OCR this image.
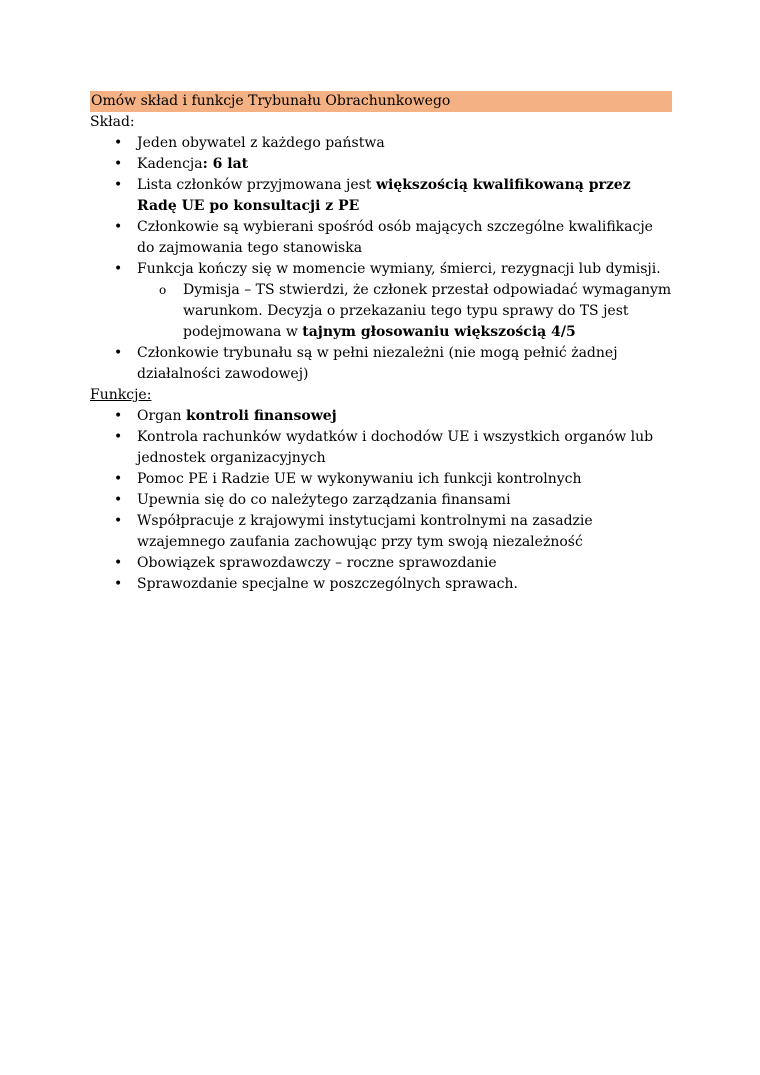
Omów skład i funkcje Trybunału Obrachunkowego

Skład:

• Jeden obywatel z każdego państwa
• Kadencja: 6 lat
• Lista członków przyjmowana jest większością kwalifikowaną przez Radę UE po konsultacji z PE
• Członkowie są wybierani spośród osób mających szczególne kwalifikacje do zajmowania tego stanowiska
• Funkcja kończy się w momencie wymiany, śmierci, rezygnacji lub dymisji.
o Dymisja – TS stwierdzi, że członek przestał odpowiadać wymaganym warunkom. Decyzja o przekazaniu tego typu sprawy do TS jest podejmowana w tajnym głosowaniu większością 4/5
• Członkowie trybunału są w pełni niezależni (nie mogą pełnić żadnej działalności zawodowej)

Funkcje:

• Organ kontroli finansowej
• Kontrola rachunków wydatków i dochodów UE i wszystkich organów lub jednostek organizacyjnych
• Pomoc PE i Radzie UE w wykonywaniu ich funkcji kontrolnych
• Upewnia się do co należytego zarządzania finansami
• Współpracuje z krajowymi instytucjami kontrolnymi na zasadzie wzajemnego zaufania zachowując przy tym swoją niezależność
• Obowiązek sprawozdawczy – roczne sprawozdanie
• Sprawozdanie specjalne w poszczególnych sprawach.
